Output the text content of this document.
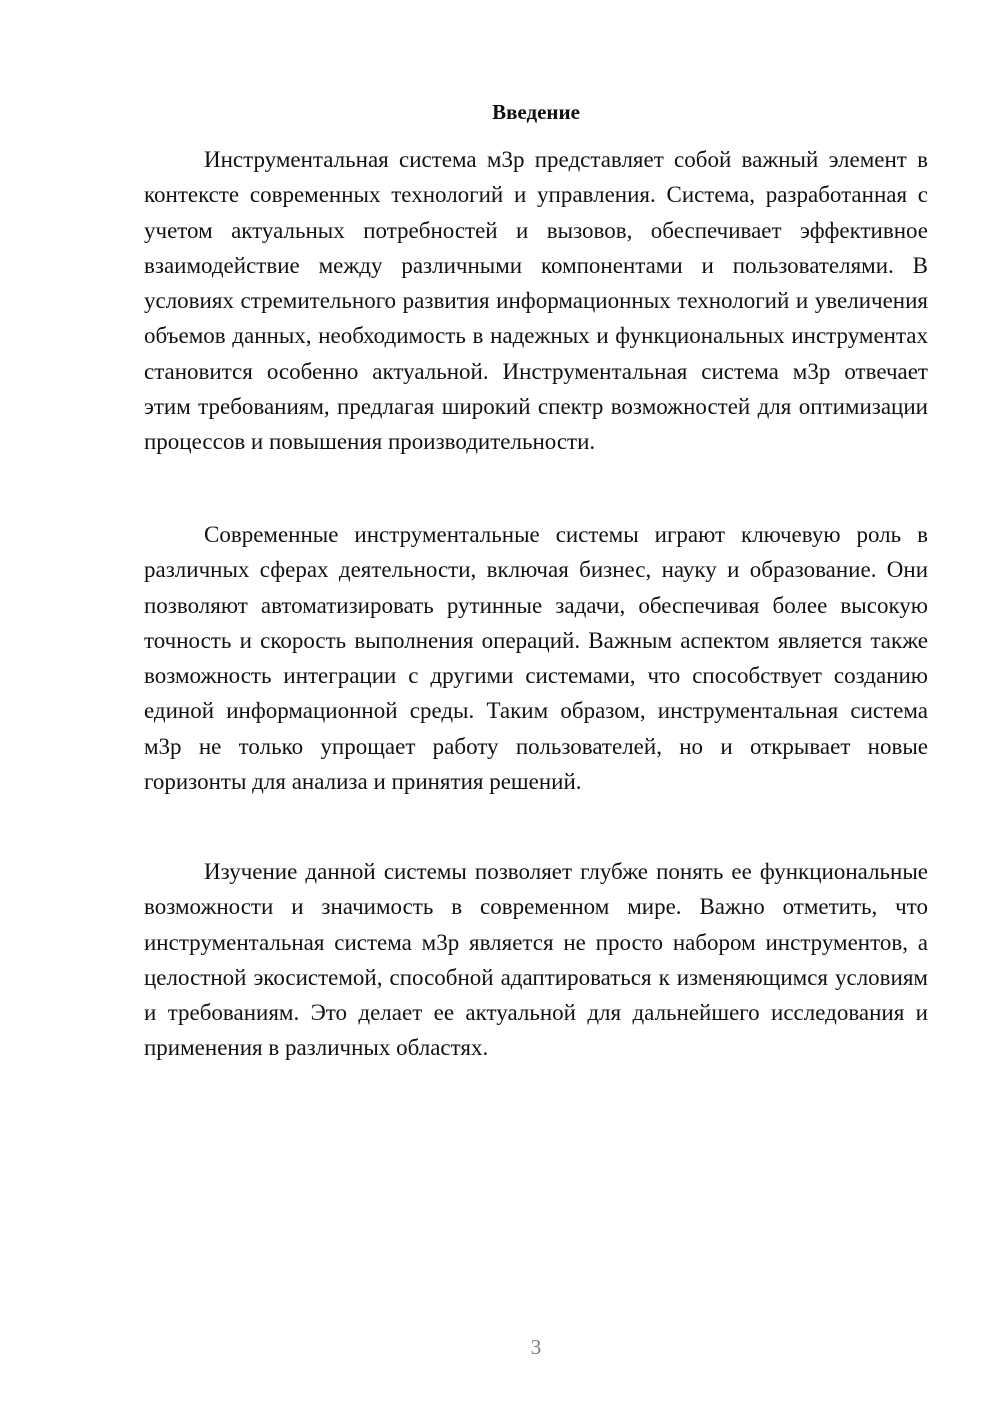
Введение

Инструментальная система м3р представляет собой важный элемент в контексте современных технологий и управления. Система, разработанная с учетом актуальных потребностей и вызовов, обеспечивает эффективное взаимодействие между различными компонентами и пользователями. В условиях стремительного развития информационных технологий и увеличения объемов данных, необходимость в надежных и функциональных инструментах становится особенно актуальной. Инструментальная система м3р отвечает этим требованиям, предлагая широкий спектр возможностей для оптимизации процессов и повышения производительности.

Современные инструментальные системы играют ключевую роль в различных сферах деятельности, включая бизнес, науку и образование. Они позволяют автоматизировать рутинные задачи, обеспечивая более высокую точность и скорость выполнения операций. Важным аспектом является также возможность интеграции с другими системами, что способствует созданию единой информационной среды. Таким образом, инструментальная система м3р не только упрощает работу пользователей, но и открывает новые горизонты для анализа и принятия решений.

Изучение данной системы позволяет глубже понять ее функциональные возможности и значимость в современном мире. Важно отметить, что инструментальная система м3р является не просто набором инструментов, а целостной экосистемой, способной адаптироваться к изменяющимся условиям и требованиям. Это делает ее актуальной для дальнейшего исследования и применения в различных областях.

3
